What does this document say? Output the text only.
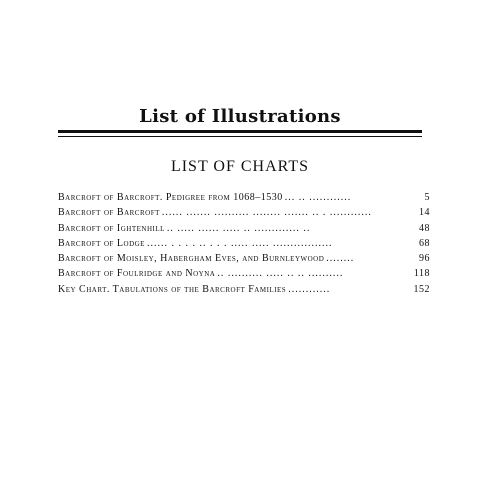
List of Illustrations
LIST OF CHARTS
Barcroft of Barcroft. Pedigree from 1068–1530 ... .. ............	5
Barcroft of Barcroft ...... ....... .......... ........ ....... .. . ............	14
Barcroft of Ightenhill .. ..... ...... ..... .. ............. ..	48
Barcroft of Lodge ...... . . . . .. . . . ..... ..... .................	68
Barcroft of Moisley, Habergham Eves, and Burnleywood ........	96
Barcroft of Foulridge and Noyna .. .......... ..... .. .. ..........	118
Key Chart. Tabulations of the Barcroft Families ............	152
